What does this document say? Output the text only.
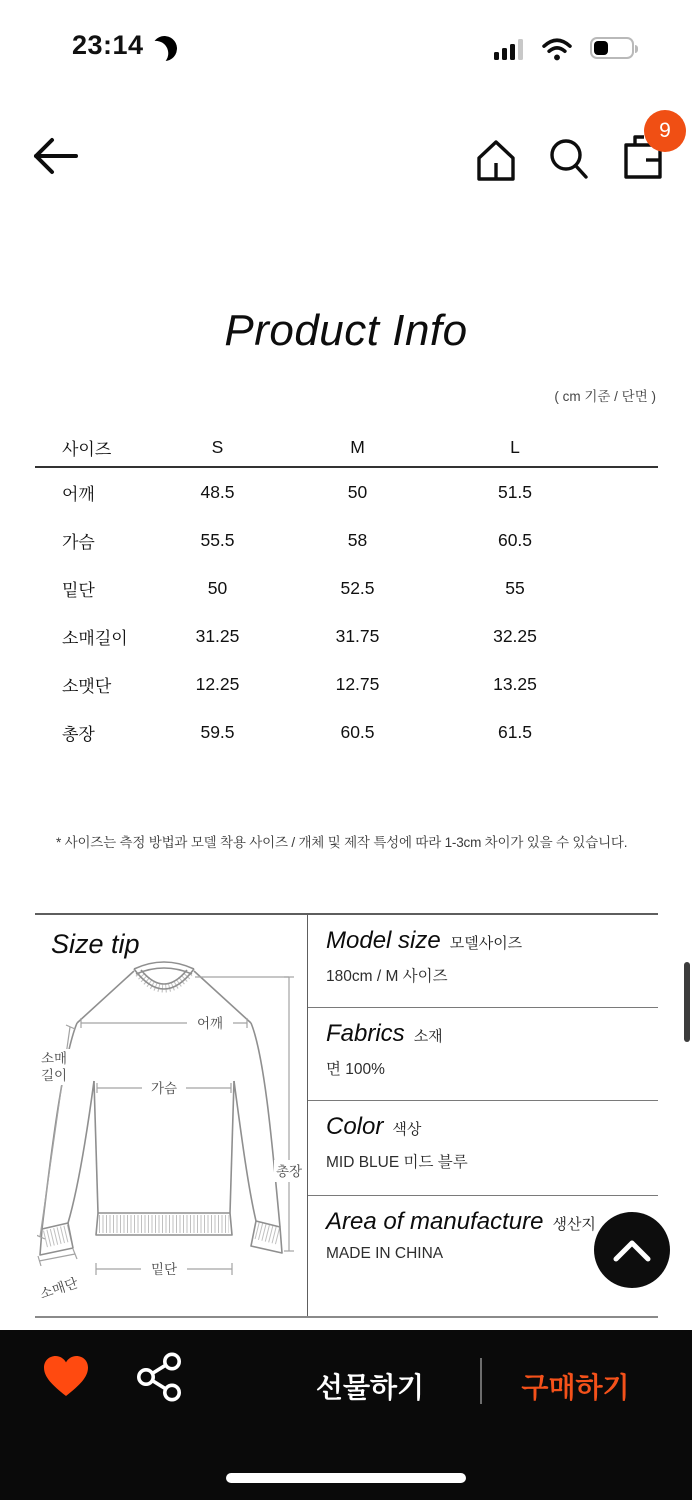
23:14
9
Product Info
( cm 기준 / 단면 )
사이즈	S	M	L
어깨	48.5	50	51.5
가슴	55.5	58	60.5
밑단	50	52.5	55
소매길이	31.25	31.75	32.25
소맷단	12.25	12.75	13.25
총장	59.5	60.5	61.5
* 사이즈는 측정 방법과 모델 착용 사이즈 / 개체 및 제작 특성에 따라 1-3cm 차이가 있을 수 있습니다.
Size tip
어깨
가슴
소매
길이
총장
밑단
소매단
Model size 모델사이즈
180cm / M 사이즈
Fabrics 소재
면 100%
Color 색상
MID BLUE 미드 블루
Area of manufacture 생산지
MADE IN CHINA
선물하기	구매하기
